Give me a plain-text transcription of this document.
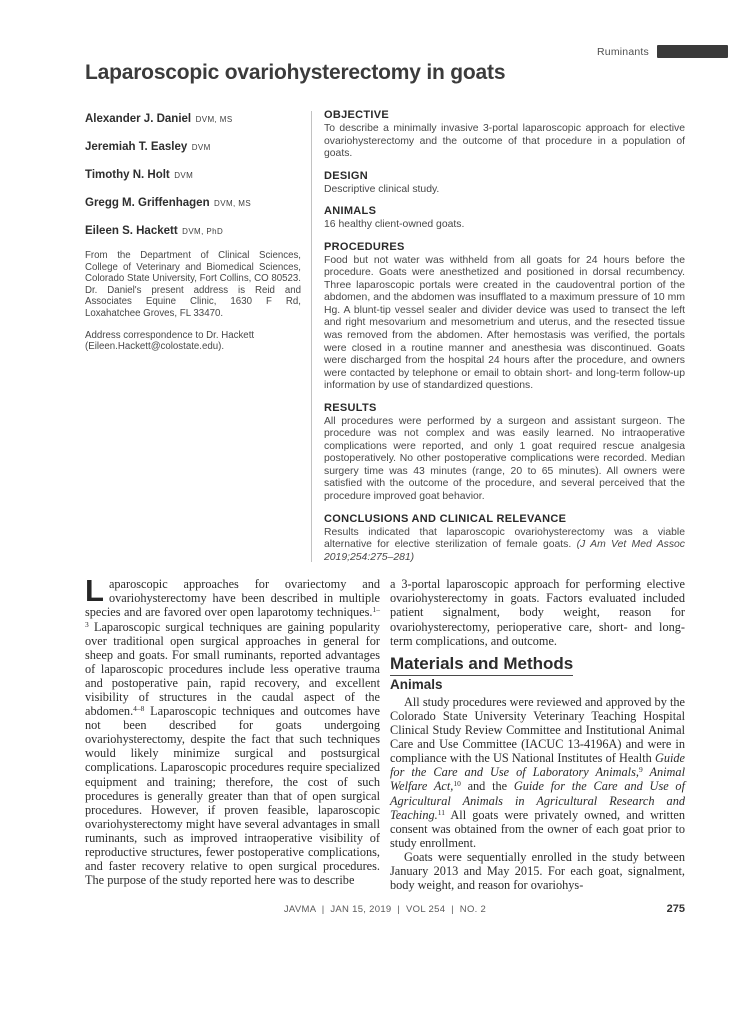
Ruminants
Laparoscopic ovariohysterectomy in goats
Alexander J. Daniel DVM, MS
Jeremiah T. Easley DVM
Timothy N. Holt DVM
Gregg M. Griffenhagen DVM, MS
Eileen S. Hackett DVM, PhD

From the Department of Clinical Sciences, College of Veterinary and Biomedical Sciences, Colorado State University, Fort Collins, CO 80523. Dr. Daniel's present address is Reid and Associates Equine Clinic, 1630 F Rd, Loxahatchee Groves, FL 33470.

Address correspondence to Dr. Hackett (Eileen.Hackett@colostate.edu).

OBJECTIVE

To describe a minimally invasive 3-portal laparoscopic approach for elective ovariohysterectomy and the outcome of that procedure in a population of goats.

DESIGN

Descriptive clinical study.

ANIMALS

16 healthy client-owned goats.

PROCEDURES

Food but not water was withheld from all goats for 24 hours before the procedure. Goats were anesthetized and positioned in dorsal recumbency. Three laparoscopic portals were created in the caudoventral portion of the abdomen, and the abdomen was insufflated to a maximum pressure of 10 mm Hg. A blunt-tip vessel sealer and divider device was used to transect the left and right mesovarium and mesometrium and uterus, and the resected tissue was removed from the abdomen. After hemostasis was verified, the portals were closed in a routine manner and anesthesia was discontinued. Goats were discharged from the hospital 24 hours after the procedure, and owners were contacted by telephone or email to obtain short- and long-term follow-up information by use of standardized questions.

RESULTS

All procedures were performed by a surgeon and assistant surgeon. The procedure was not complex and was easily learned. No intraoperative complications were reported, and only 1 goat required rescue analgesia postoperatively. No other postoperative complications were recorded. Median surgery time was 43 minutes (range, 20 to 65 minutes). All owners were satisfied with the outcome of the procedure, and several perceived that the procedure improved goat behavior.

CONCLUSIONS AND CLINICAL RELEVANCE

Results indicated that laparoscopic ovariohysterectomy was a viable alternative for elective sterilization of female goats. (J Am Vet Med Assoc 2019;254:275–281)

Laparoscopic approaches for ovariectomy and ovariohysterectomy have been described in multiple species and are favored over open laparotomy techniques.$^{1-3}$ Laparoscopic surgical techniques are gaining popularity over traditional open surgical approaches in general for sheep and goats. For small ruminants, reported advantages of laparoscopic procedures include less operative trauma and postoperative pain, rapid recovery, and excellent visibility of structures in the caudal aspect of the abdomen.$^{4-8}$ Laparoscopic techniques and outcomes have not been described for goats undergoing ovariohysterectomy, despite the fact that such techniques would likely minimize surgical and postsurgical complications. Laparoscopic procedures require specialized equipment and training; therefore, the cost of such procedures is generally greater than that of open surgical procedures. However, if proven feasible, laparoscopic ovariohysterectomy might have several advantages in small ruminants, such as improved intraoperative visibility of reproductive structures, fewer postoperative complications, and faster recovery relative to open surgical procedures. The purpose of the study reported here was to describe

a 3-portal laparoscopic approach for performing elective ovariohysterectomy in goats. Factors evaluated included patient signalment, body weight, reason for ovariohysterectomy, perioperative care, short- and long-term complications, and outcome.

Materials and Methods
Animals

All study procedures were reviewed and approved by the Colorado State University Veterinary Teaching Hospital Clinical Study Review Committee and Institutional Animal Care and Use Committee (IACUC 13-4196A) and were in compliance with the US National Institutes of Health Guide for the Care and Use of Laboratory Animals,$^9$ Animal Welfare Act,$^{10}$ and the Guide for the Care and Use of Agricultural Animals in Agricultural Research and Teaching.$^{11}$ All goats were privately owned, and written consent was obtained from the owner of each goat prior to study enrollment.

Goats were sequentially enrolled in the study between January 2013 and May 2015. For each goat, signalment, body weight, and reason for ovariohys-

JAVMA  |  JAN 15, 2019  |  VOL 254  |  NO. 2	275
